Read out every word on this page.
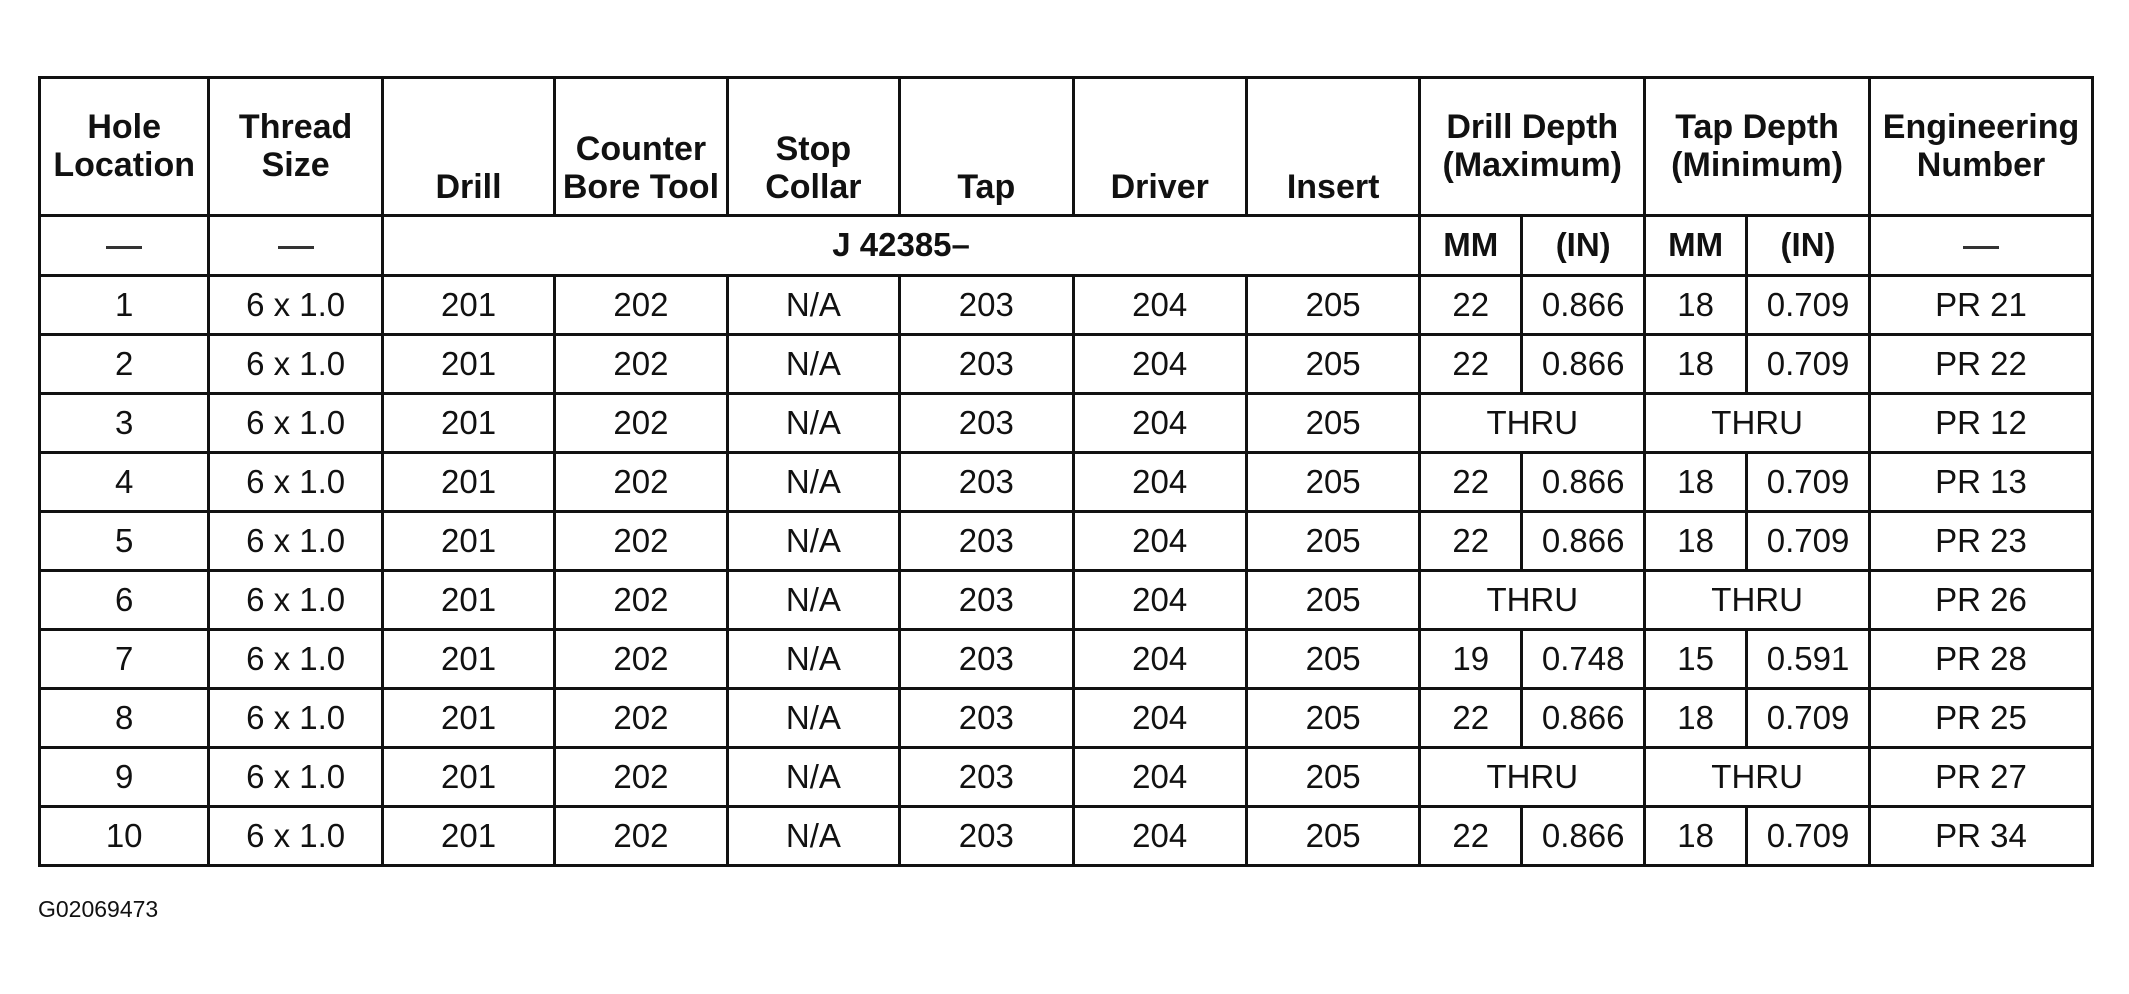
Hole Location	Thread Size	Drill	Counter Bore Tool	Stop Collar	Tap	Driver	Insert	Drill Depth (Maximum)		Tap Depth (Minimum)		Engineering Number
		J 42385–						MM	(IN)	MM	(IN)	
1	6 x 1.0	201	202	N/A	203	204	205	22	0.866	18	0.709	PR 21
2	6 x 1.0	201	202	N/A	203	204	205	22	0.866	18	0.709	PR 22
3	6 x 1.0	201	202	N/A	203	204	205	THRU		THRU		PR 12
4	6 x 1.0	201	202	N/A	203	204	205	22	0.866	18	0.709	PR 13
5	6 x 1.0	201	202	N/A	203	204	205	22	0.866	18	0.709	PR 23
6	6 x 1.0	201	202	N/A	203	204	205	THRU		THRU		PR 26
7	6 x 1.0	201	202	N/A	203	204	205	19	0.748	15	0.591	PR 28
8	6 x 1.0	201	202	N/A	203	204	205	22	0.866	18	0.709	PR 25
9	6 x 1.0	201	202	N/A	203	204	205	THRU		THRU		PR 27
10	6 x 1.0	201	202	N/A	203	204	205	22	0.866	18	0.709	PR 34
G02069473
